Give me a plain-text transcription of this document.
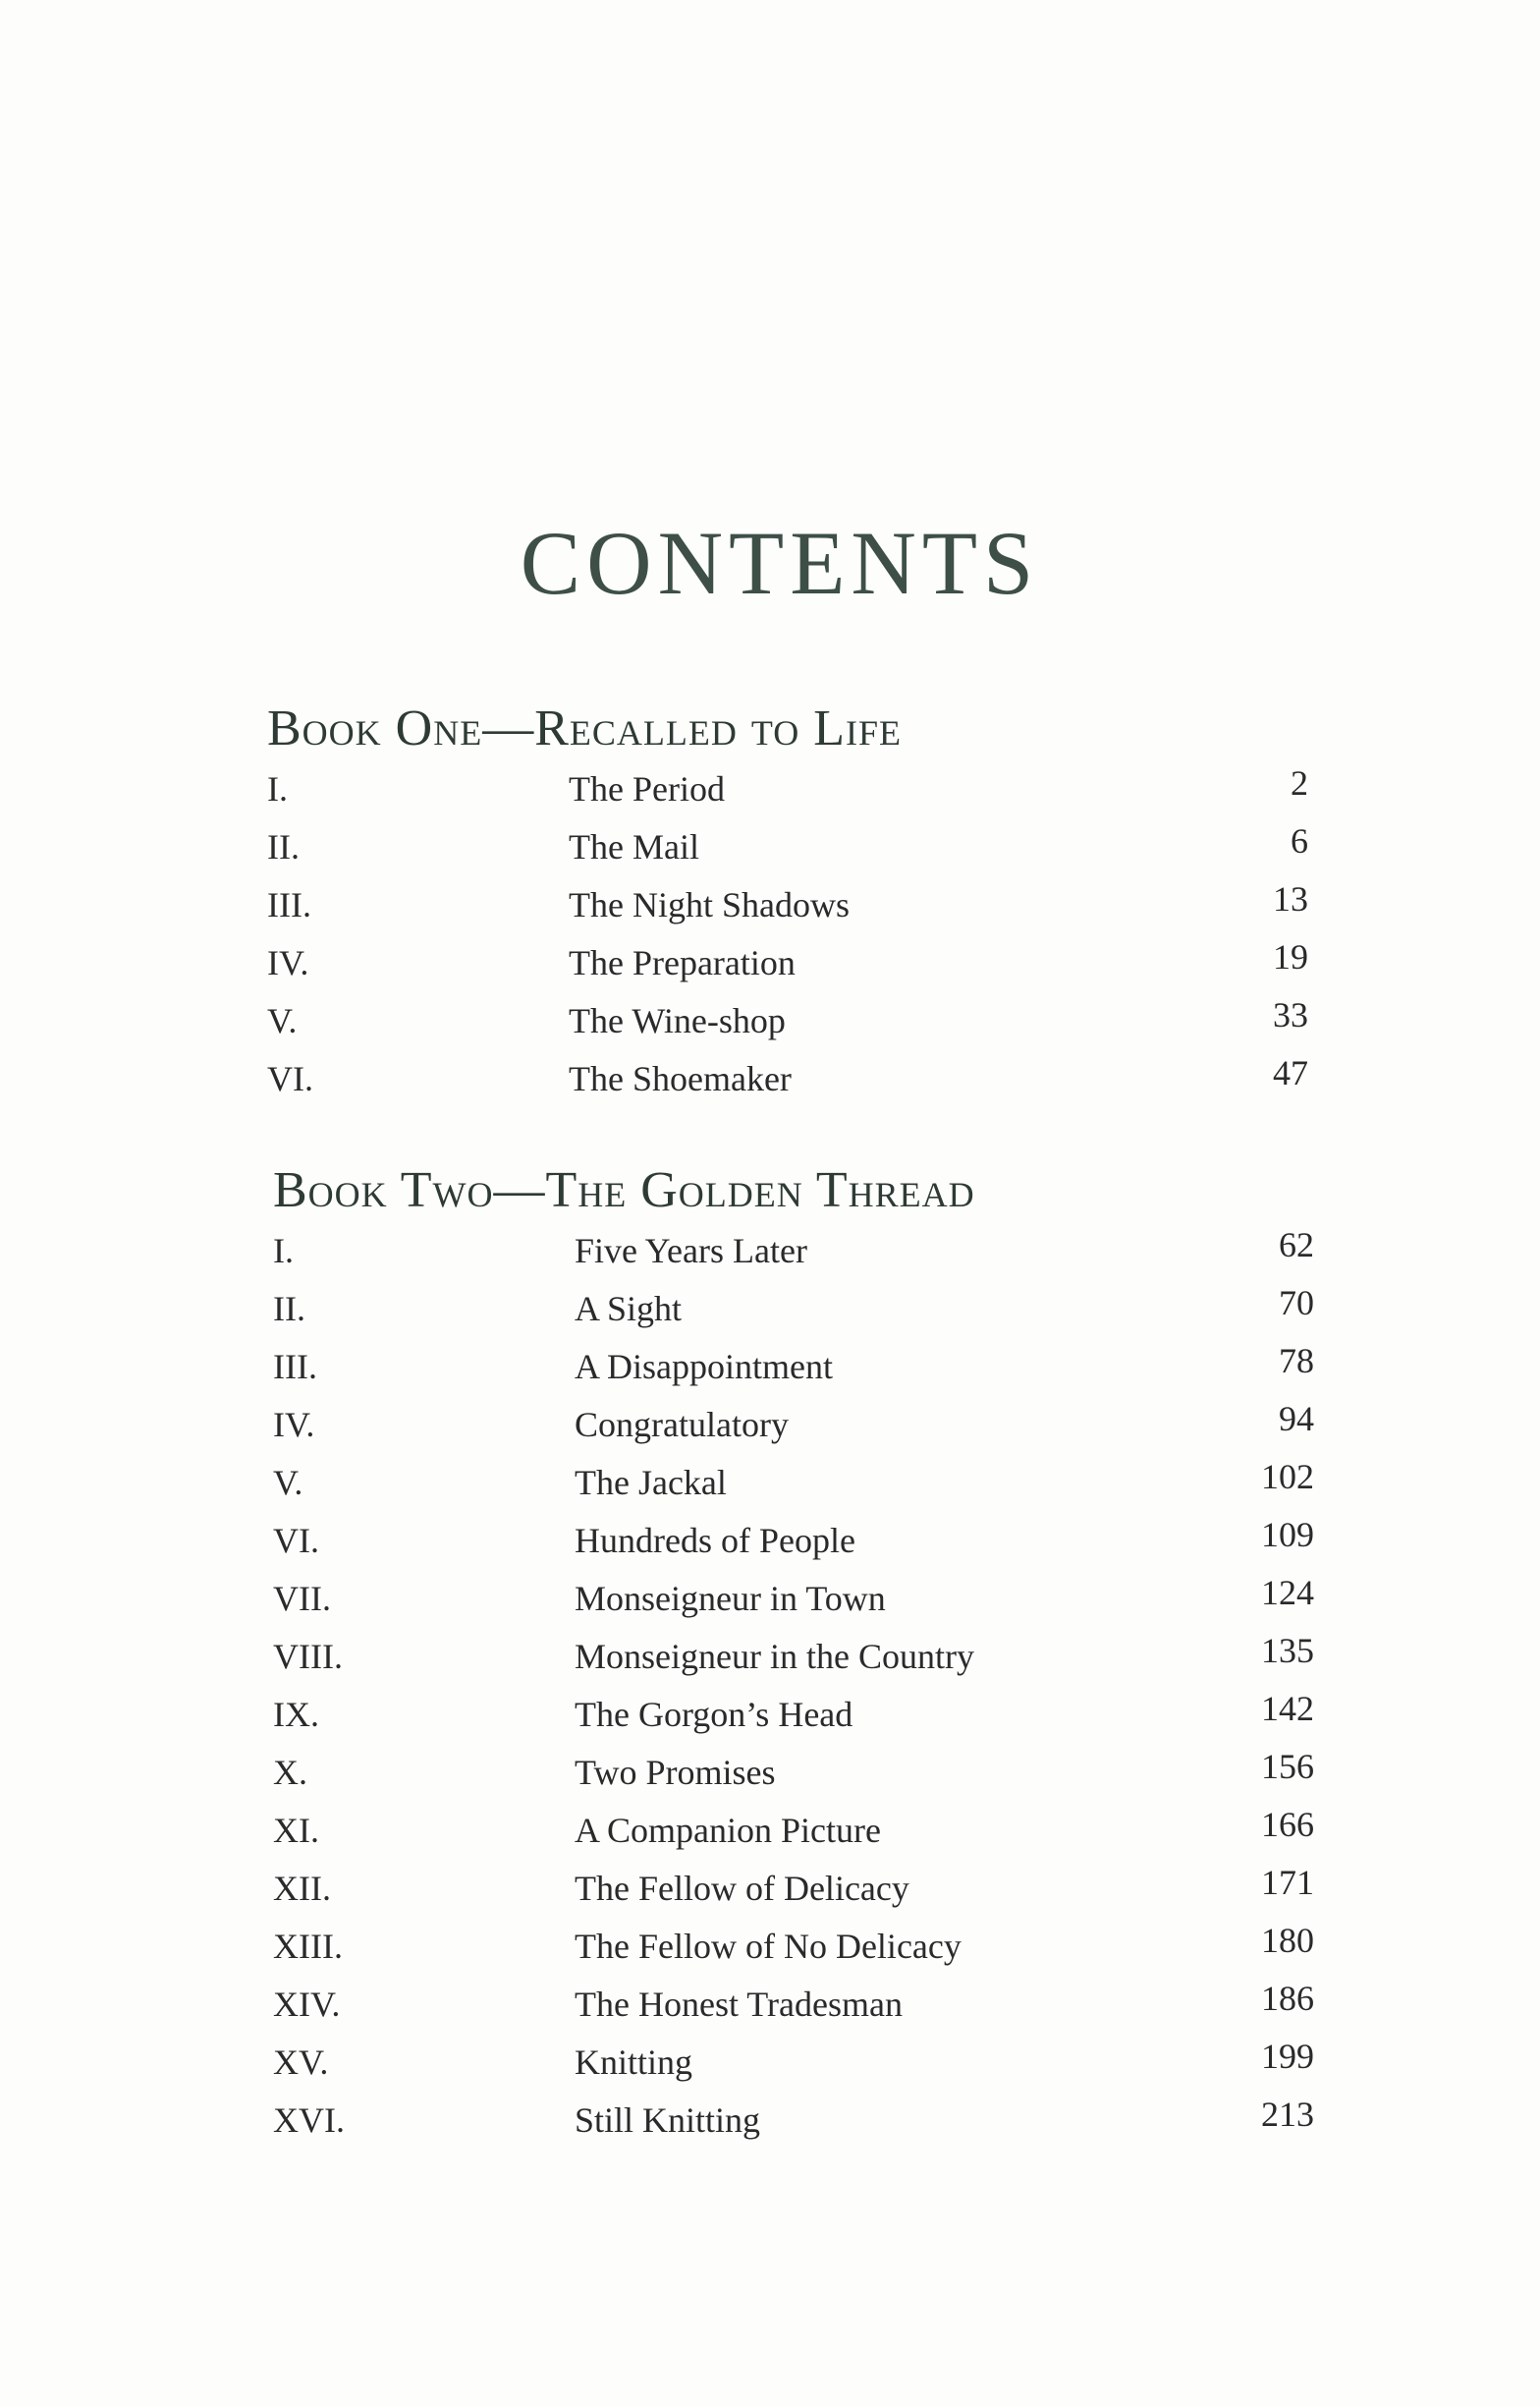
CONTENTS
Book One—Recalled to Life
I.	The Period	2
II.	The Mail	6
III.	The Night Shadows	13
IV.	The Preparation	19
V.	The Wine-shop	33
VI.	The Shoemaker	47
Book Two—The Golden Thread
I.	Five Years Later	62
II.	A Sight	70
III.	A Disappointment	78
IV.	Congratulatory	94
V.	The Jackal	102
VI.	Hundreds of People	109
VII.	Monseigneur in Town	124
VIII.	Monseigneur in the Country	135
IX.	The Gorgon’s Head	142
X.	Two Promises	156
XI.	A Companion Picture	166
XII.	The Fellow of Delicacy	171
XIII.	The Fellow of No Delicacy	180
XIV.	The Honest Tradesman	186
XV.	Knitting	199
XVI.	Still Knitting	213
